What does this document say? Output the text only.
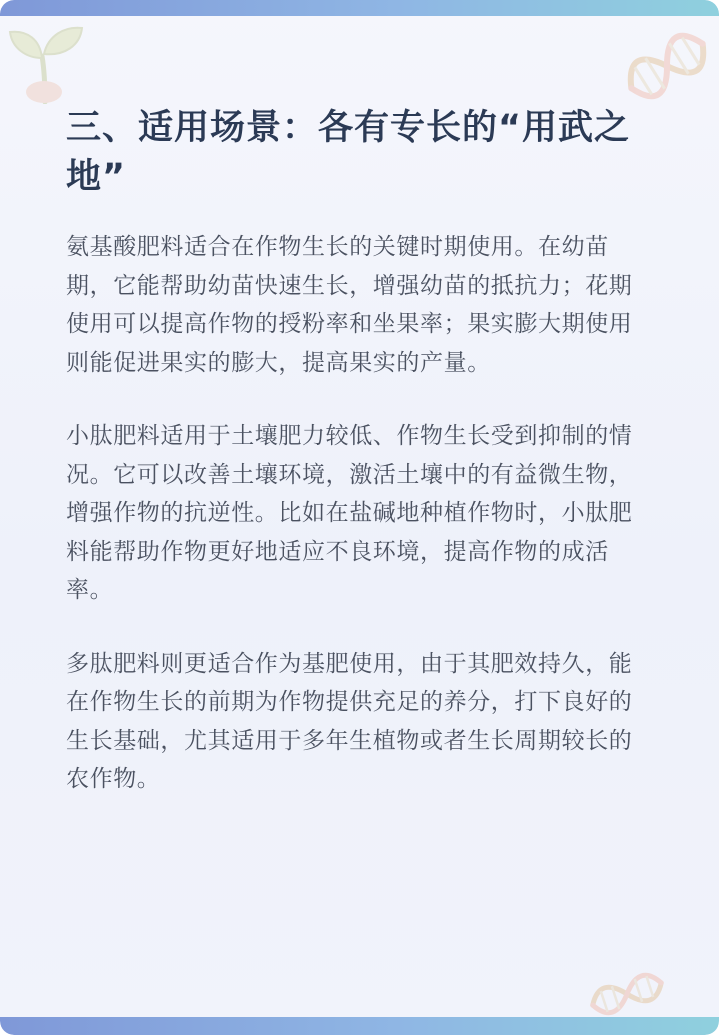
三、适用场景：各有专长的“用武之地”

氨基酸肥料适合在作物生长的关键时期使用。在幼苗期，它能帮助幼苗快速生长，增强幼苗的抵抗力；花期使用可以提高作物的授粉率和坐果率；果实膨大期使用则能促进果实的膨大，提高果实的产量。

小肽肥料适用于土壤肥力较低、作物生长受到抑制的情况。它可以改善土壤环境，激活土壤中的有益微生物，增强作物的抗逆性。比如在盐碱地种植作物时，小肽肥料能帮助作物更好地适应不良环境，提高作物的成活率。

多肽肥料则更适合作为基肥使用，由于其肥效持久，能在作物生长的前期为作物提供充足的养分，打下良好的生长基础，尤其适用于多年生植物或者生长周期较长的农作物。
